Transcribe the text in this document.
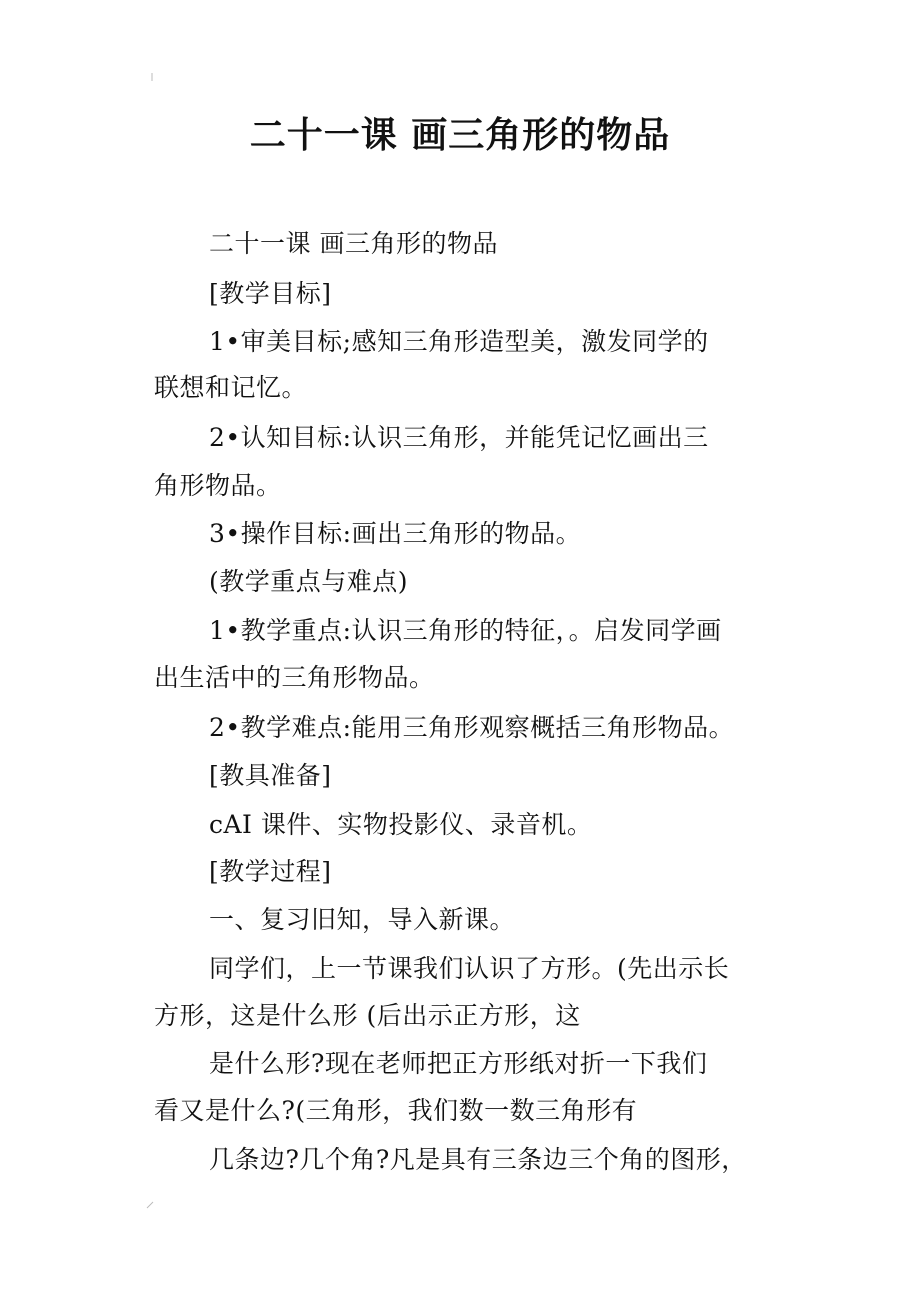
二十一课 画三角形的物品

二十一课 画三角形的物品

[教学目标]

1•审美目标;感知三角形造型美，激发同学的

联想和记忆。

2•认知目标:认识三角形，并能凭记忆画出三

角形物品。

3•操作目标:画出三角形的物品。

(教学重点与难点)

1•教学重点:认识三角形的特征，。启发同学画

出生活中的三角形物品。

2•教学难点:能用三角形观察概括三角形物品。

[教具准备]

cAI 课件、实物投影仪、录音机。

[教学过程]

一、复习旧知，导入新课。

同学们，上一节课我们认识了方形。(先出示长

方形，这是什么形 (后出示正方形，这

是什么形?现在老师把正方形纸对折一下我们

看又是什么?(三角形，我们数一数三角形有

几条边?几个角?凡是具有三条边三个角的图形，
